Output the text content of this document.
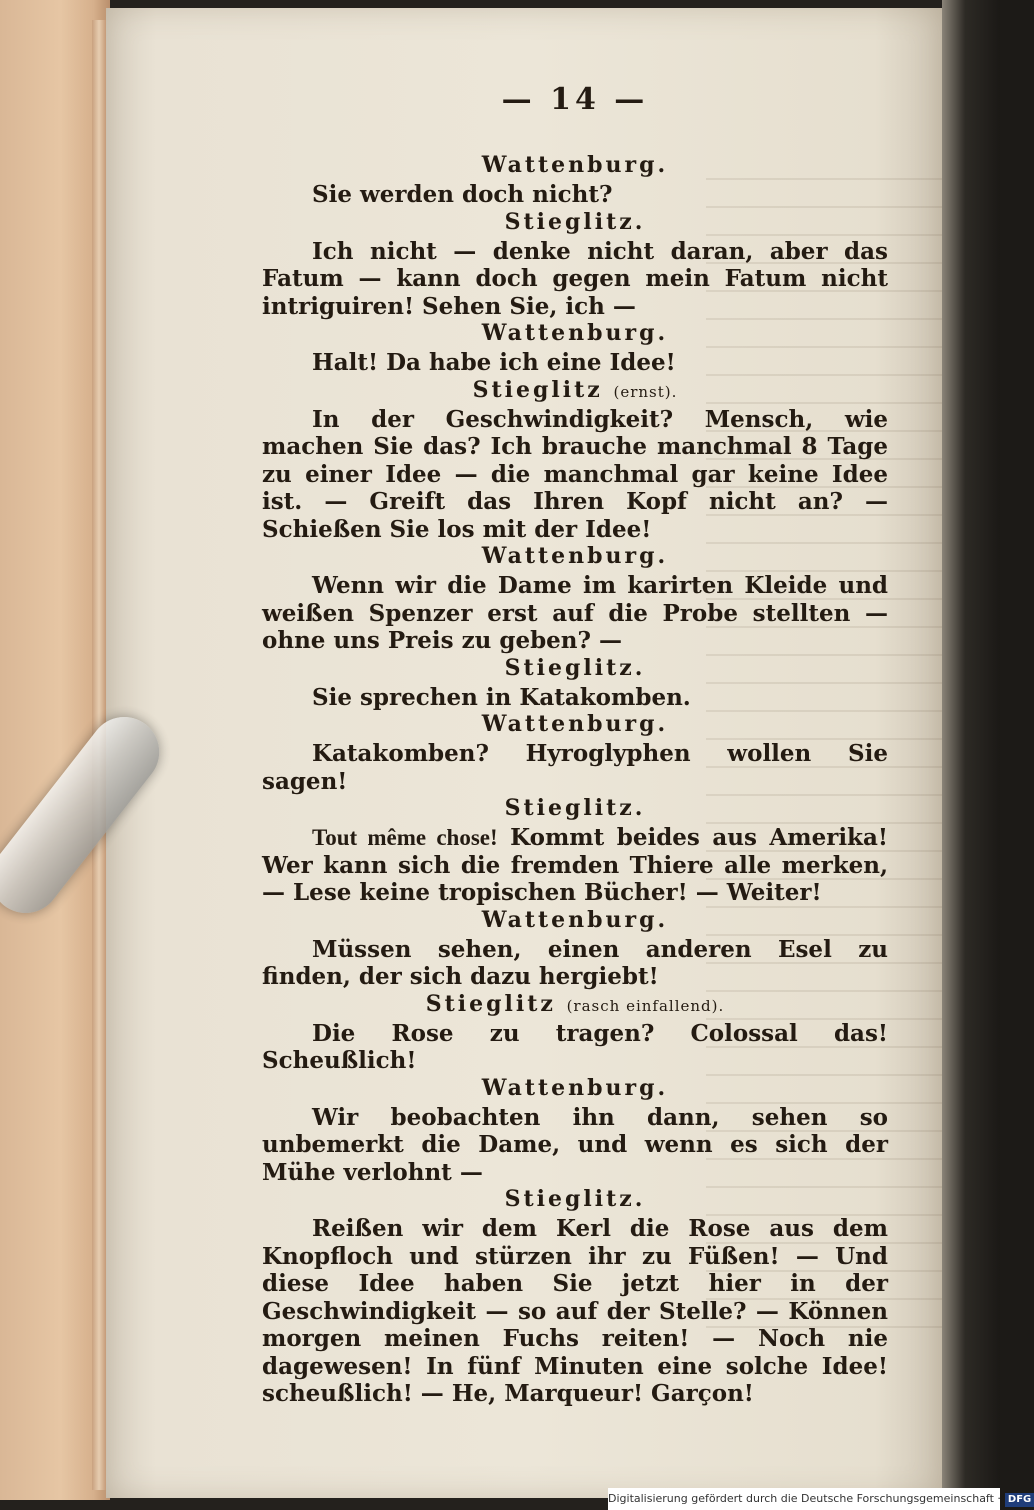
— 14 —
Wattenburg.
Sie werden doch nicht?
Stieglitz.
Ich nicht — denke nicht daran, aber das Fatum — kann doch gegen mein Fatum nicht intriguiren! Sehen Sie, ich —
Wattenburg.
Halt! Da habe ich eine Idee!
Stieglitz (ernst).
In der Geschwindigkeit? Mensch, wie machen Sie das? Ich brauche manchmal 8 Tage zu einer Idee — die manchmal gar keine Idee ist. — Greift das Ihren Kopf nicht an? — Schießen Sie los mit der Idee!
Wattenburg.
Wenn wir die Dame im karirten Kleide und weißen Spenzer erst auf die Probe stellten — ohne uns Preis zu geben? —
Stieglitz.
Sie sprechen in Katakomben.
Wattenburg.
Katakomben? Hyroglyphen wollen Sie sagen!
Stieglitz.
Tout même chose! Kommt beides aus Amerika! Wer kann sich die fremden Thiere alle merken, — Lese keine tropischen Bücher! — Weiter!
Wattenburg.
Müssen sehen, einen anderen Esel zu finden, der sich dazu hergiebt!
Stieglitz (rasch einfallend).
Die Rose zu tragen? Colossal das! Scheußlich!
Wattenburg.
Wir beobachten ihn dann, sehen so unbemerkt die Dame, und wenn es sich der Mühe verlohnt —
Stieglitz.
Reißen wir dem Kerl die Rose aus dem Knopfloch und stürzen ihr zu Füßen! — Und diese Idee haben Sie jetzt hier in der Geschwindigkeit — so auf der Stelle? — Können morgen meinen Fuchs reiten! — Noch nie dagewesen! In fünf Minuten eine solche Idee! scheußlich! — He, Marqueur! Garçon!
Digitalisierung gefördert durch die Deutsche Forschungsgemeinschaft · DFG
